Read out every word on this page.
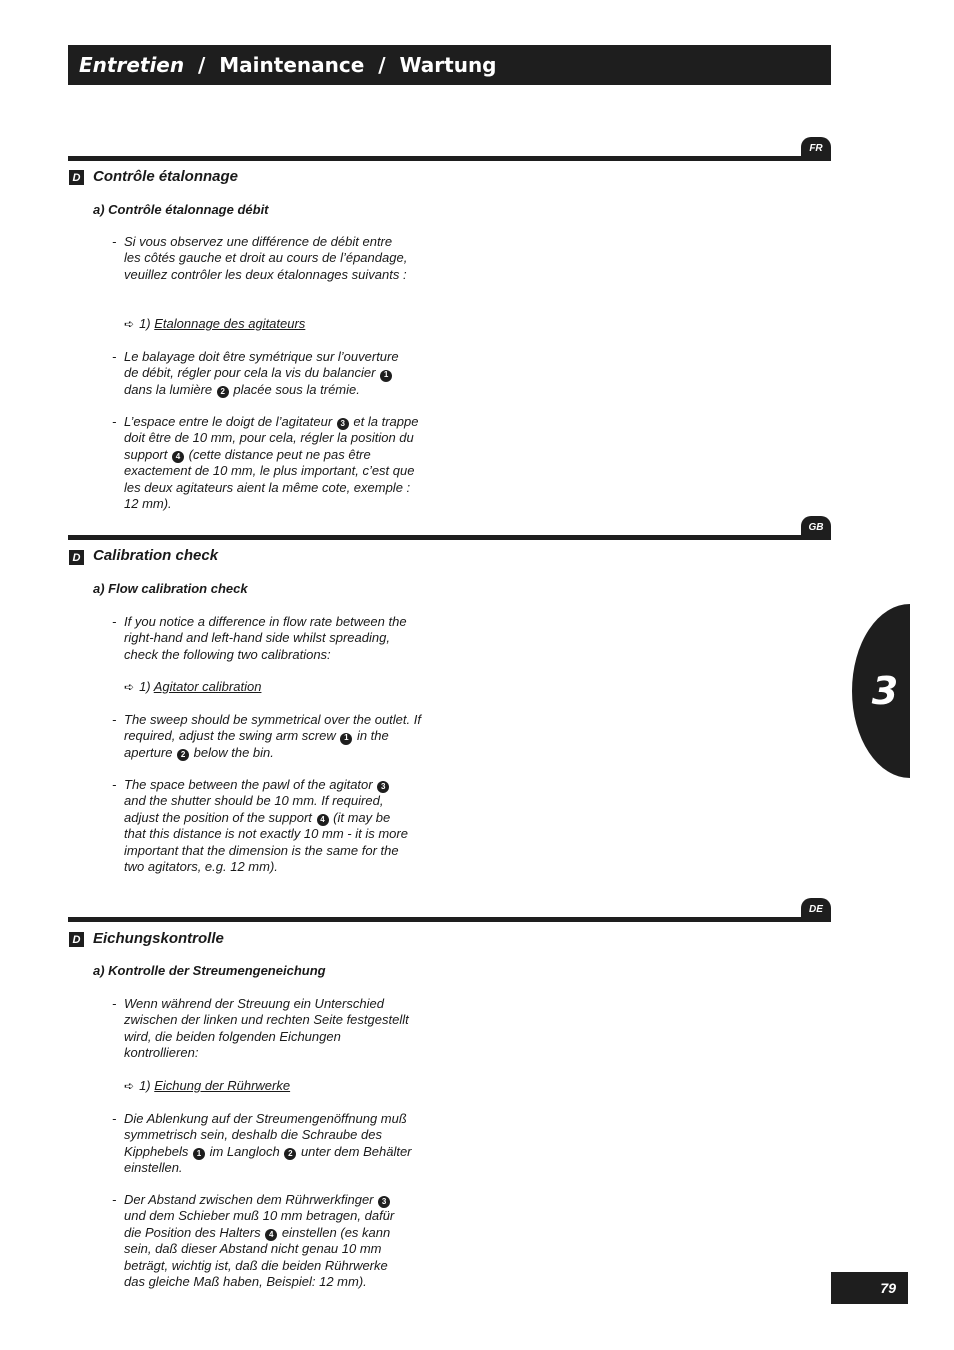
Entretien / Maintenance / Wartung
FR
D Contrôle étalonnage
a) Contrôle étalonnage débit
- Si vous observez une différence de débit entre les côtés gauche et droit au cours de l’épandage, veuillez contrôler les deux étalonnages suivants :
➪ 1) Etalonnage des agitateurs
- Le balayage doit être symétrique sur l’ouverture de débit, régler pour cela la vis du balancier 1 dans la lumière 2 placée sous la trémie.
- L’espace entre le doigt de l’agitateur 3 et la trappe doit être de 10 mm, pour cela, régler la position du support 4 (cette distance peut ne pas être exactement de 10 mm, le plus important, c’est que les deux agitateurs aient la même cote, exemple : 12 mm).
GB
D Calibration check
a) Flow calibration check
- If you notice a difference in flow rate between the right-hand and left-hand side whilst spreading, check the following two calibrations:
➪ 1) Agitator calibration
- The sweep should be symmetrical over the outlet. If required, adjust the swing arm screw 1 in the aperture 2 below the bin.
- The space between the pawl of the agitator 3 and the shutter should be 10 mm. If required, adjust the position of the support 4 (it may be that this distance is not exactly 10 mm - it is more important that the dimension is the same for the two agitators, e.g. 12 mm).
DE
D Eichungskontrolle
a) Kontrolle der Streumengeneichung
- Wenn während der Streuung ein Unterschied zwischen der linken und rechten Seite festgestellt wird, die beiden folgenden Eichungen kontrollieren:
➪ 1) Eichung der Rührwerke
- Die Ablenkung auf der Streumengenöffnung muß symmetrisch sein, deshalb die Schraube des Kipphebels 1 im Langloch 2 unter dem Behälter einstellen.
- Der Abstand zwischen dem Rührwerkfinger 3 und dem Schieber muß 10 mm betragen, dafür die Position des Halters 4 einstellen (es kann sein, daß dieser Abstand nicht genau 10 mm beträgt, wichtig ist, daß die beiden Rührwerke das gleiche Maß haben, Beispiel: 12 mm).
3
79
